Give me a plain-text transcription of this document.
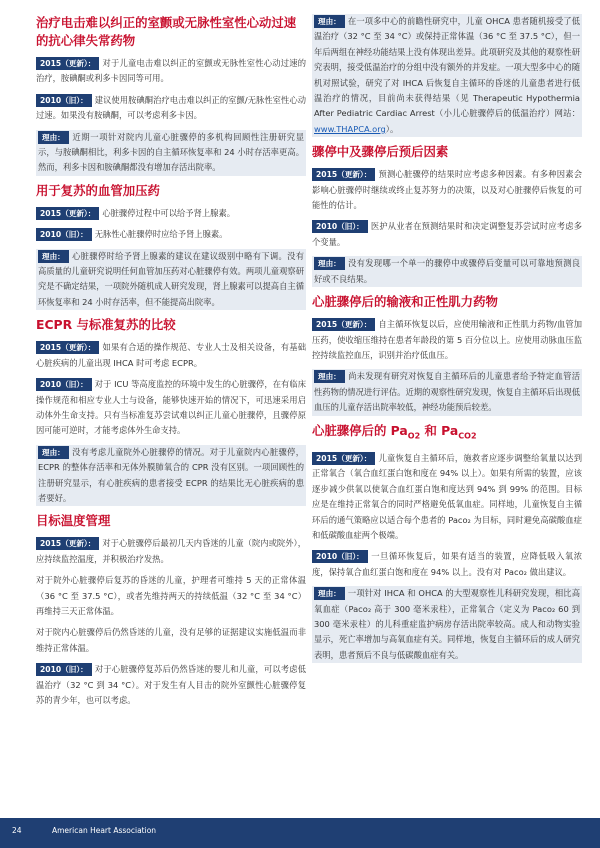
治疗电击难以纠正的室颤或无脉性室性心动过速的抗心律失常药物
2015（更新）： 对于儿童电击难以纠正的室颤或无脉性室性心动过速的治疗，胺碘酮或利多卡因同等可用。
2010（旧）： 建议使用胺碘酮治疗电击难以纠正的室颤/无脉性室性心动过速。如果没有胺碘酮，可以考虑利多卡因。
理由： 近期一项针对院内儿童心脏骤停的多机构回顾性注册研究显示，与胺碘酮相比，利多卡因的自主循环恢复率和 24 小时存活率更高。然而，利多卡因和胺碘酮都没有增加存活出院率。
用于复苏的血管加压药
2015（更新）： 心脏骤停过程中可以给予肾上腺素。
2010（旧）： 无脉性心脏骤停时应给予肾上腺素。
理由： 心脏骤停时给予肾上腺素的建议在建议级别中略有下调。没有高质量的儿童研究说明任何血管加压药对心脏骤停有效。两项儿童观察研究是不确定结果，一项院外随机成人研究发现，肾上腺素可以提高自主循环恢复率和 24 小时存活率，但不能提高出院率。
ECPR 与标准复苏的比较
2015（更新）： 如果有合适的操作规范、专业人士及相关设备，有基础心脏疾病的儿童出现 IHCA 时可考虑 ECPR。
2010（旧）： 对于 ICU 等高度监控的环境中发生的心脏骤停，在有临床操作规范和相应专业人士与设备，能够快速开始的情况下，可迅速采用启动体外生命支持。只有当标准复苏尝试难以纠正儿童心脏骤停，且骤停原因可能可逆时，才能考虑体外生命支持。
理由： 没有考虑儿童院外心脏骤停的情况。对于儿童院内心脏骤停，ECPR 的整体存活率和无体外膜肺氧合的 CPR 没有区别。一项回顾性的注册研究显示，有心脏疾病的患者接受 ECPR 的结果比无心脏疾病的患者要好。
目标温度管理
2015（更新）： 对于心脏骤停后最初几天内昏迷的儿童（院内或院外），应持续监控温度，并积极治疗发热。
对于院外心脏骤停后复苏的昏迷的儿童，护理者可维持 5 天的正常体温（36 °C 至 37.5 °C），或者先维持两天的持续低温（32 °C 至 34 °C）再维持三天正常体温。
对于院内心脏骤停后仍然昏迷的儿童，没有足够的证据建议实施低温而非维持正常体温。
2010（旧）： 对于心脏骤停复苏后仍然昏迷的婴儿和儿童，可以考虑低温治疗（32 °C 到 34 °C）。对于发生有人目击的院外室颤性心脏骤停复苏的青少年，也可以考虑。
理由： 在一项多中心的前瞻性研究中，儿童 OHCA 患者随机接受了低温治疗（32 °C 至 34 °C）或保持正常体温（36 °C 至 37.5 °C），但一年后两组在神经功能结果上没有体现出差异。此项研究及其他的观察性研究表明，接受低温治疗的分组中没有额外的并发症。一项大型多中心的随机对照试验，研究了对 IHCA 后恢复自主循环的昏迷的儿童患者进行低温治疗的情况，目前尚未获得结果（见 Therapeutic Hypothermia After Pediatric Cardiac Arrest（小儿心脏骤停后的低温治疗）网站：www.THAPCA.org）。
骤停中及骤停后预后因素
2015（更新）： 预测心脏骤停的结果时应考虑多种因素。有多种因素会影响心脏骤停时继续或终止复苏努力的决策，以及对心脏骤停后恢复的可能性的估计。
2010（旧）： 医护从业者在预测结果时和决定调整复苏尝试时应考虑多个变量。
理由： 没有发现哪一个单一的骤停中或骤停后变量可以可靠地预测良好或不良结果。
心脏骤停后的输液和正性肌力药物
2015（更新）： 自主循环恢复以后，应使用输液和正性肌力药物/血管加压药，使收缩压维持在患者年龄段的第 5 百分位以上。应使用动脉血压监控持续监控血压，识别并治疗低血压。
理由： 尚未发现有研究对恢复自主循环后的儿童患者给予特定血管活性药物的情况进行评估。近期的观察性研究发现，恢复自主循环后出现低血压的儿童存活出院率较低，神经功能预后较差。
心脏骤停后的 $Pa_{O2}$ 和 $Pa_{CO2}$
2015（更新）： 儿童恢复自主循环后，施救者应逐步调整给氧量以达到正常氧合（氧合血红蛋白饱和度在 94% 以上）。如果有所需的装置，应该逐步减少供氧以使氧合血红蛋白饱和度达到 94% 到 99% 的范围。目标应是在维持正常氧合的同时严格避免低氧血症。同样地，儿童恢复自主循环后的通气策略应以适合每个患者的 Paco₂ 为目标，同时避免高碳酸血症和低碳酸血症两个极端。
2010（旧）： 一旦循环恢复后，如果有适当的装置，应降低吸入氧浓度，保持氧合血红蛋白饱和度在 94% 以上。没有对 Paco₂ 做出建议。
理由： 一项针对 IHCA 和 OHCA 的大型观察性儿科研究发现，相比高氧血症（Paco₂ 高于 300 毫米汞柱），正常氧合（定义为 Paco₂ 60 到 300 毫米汞柱）的儿科重症监护病房存活出院率较高。成人和动物实验显示，死亡率增加与高氧血症有关。同样地，恢复自主循环后的成人研究表明，患者预后不良与低碳酸血症有关。
24	American Heart Association
